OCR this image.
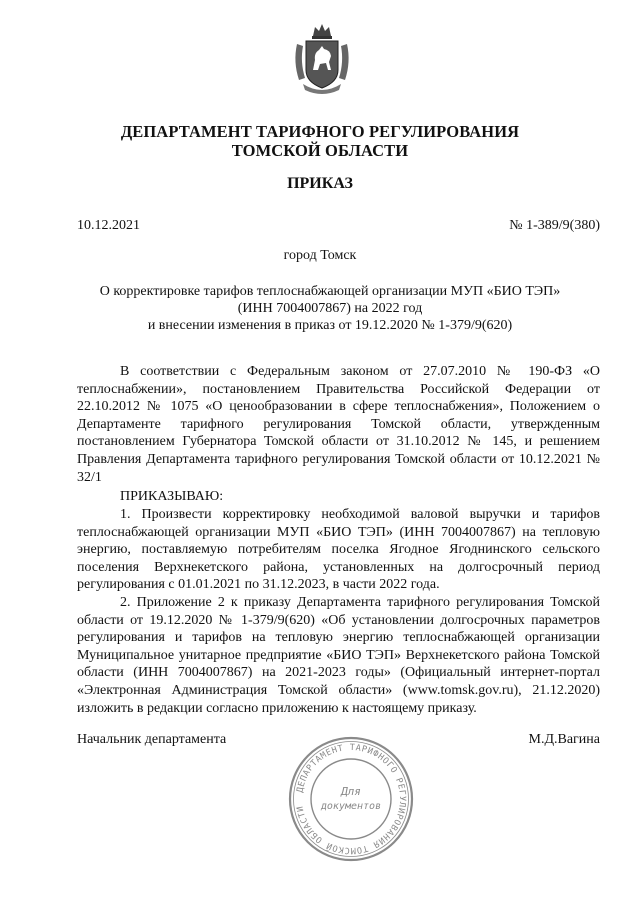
ДЕПАРТАМЕНТ ТАРИФНОГО РЕГУЛИРОВАНИЯ
ТОМСКОЙ ОБЛАСТИ
ПРИКАЗ
10.12.2021	№ 1-389/9(380)
город Томск
О корректировке тарифов теплоснабжающей организации МУП «БИО ТЭП»
(ИНН 7004007867) на 2022 год
и внесении изменения в приказ от 19.12.2020 № 1-379/9(620)

В соответствии с Федеральным законом от 27.07.2010 № 190-ФЗ «О теплоснабжении», постановлением Правительства Российской Федерации от 22.10.2012 № 1075 «О ценообразовании в сфере теплоснабжения», Положением о Департаменте тарифного регулирования Томской области, утвержденным постановлением Губернатора Томской области от 31.10.2012 № 145, и решением Правления Департамента тарифного регулирования Томской области от 10.12.2021 № 32/1

ПРИКАЗЫВАЮ:

1. Произвести корректировку необходимой валовой выручки и тарифов теплоснабжающей организации МУП «БИО ТЭП» (ИНН 7004007867) на тепловую энергию, поставляемую потребителям поселка Ягодное Ягоднинского сельского поселения Верхнекетского района, установленных на долгосрочный период регулирования с 01.01.2021 по 31.12.2023, в части 2022 года.

2. Приложение 2 к приказу Департамента тарифного регулирования Томской области от 19.12.2020 № 1-379/9(620) «Об установлении долгосрочных параметров регулирования и тарифов на тепловую энергию теплоснабжающей организации Муниципальное унитарное предприятие «БИО ТЭП» Верхнекетского района Томской области (ИНН 7004007867) на 2021-2023 годы» (Официальный интернет-портал «Электронная Администрация Томской области» (www.tomsk.gov.ru), 21.12.2020) изложить в редакции согласно приложению к настоящему приказу.

Начальник департамента	М.Д.Вагина
ДЕПАРТАМЕНТ ТАРИФНОГО РЕГУЛИРОВАНИЯ ТОМСКОЙ ОБЛАСТИ
Для
документов
